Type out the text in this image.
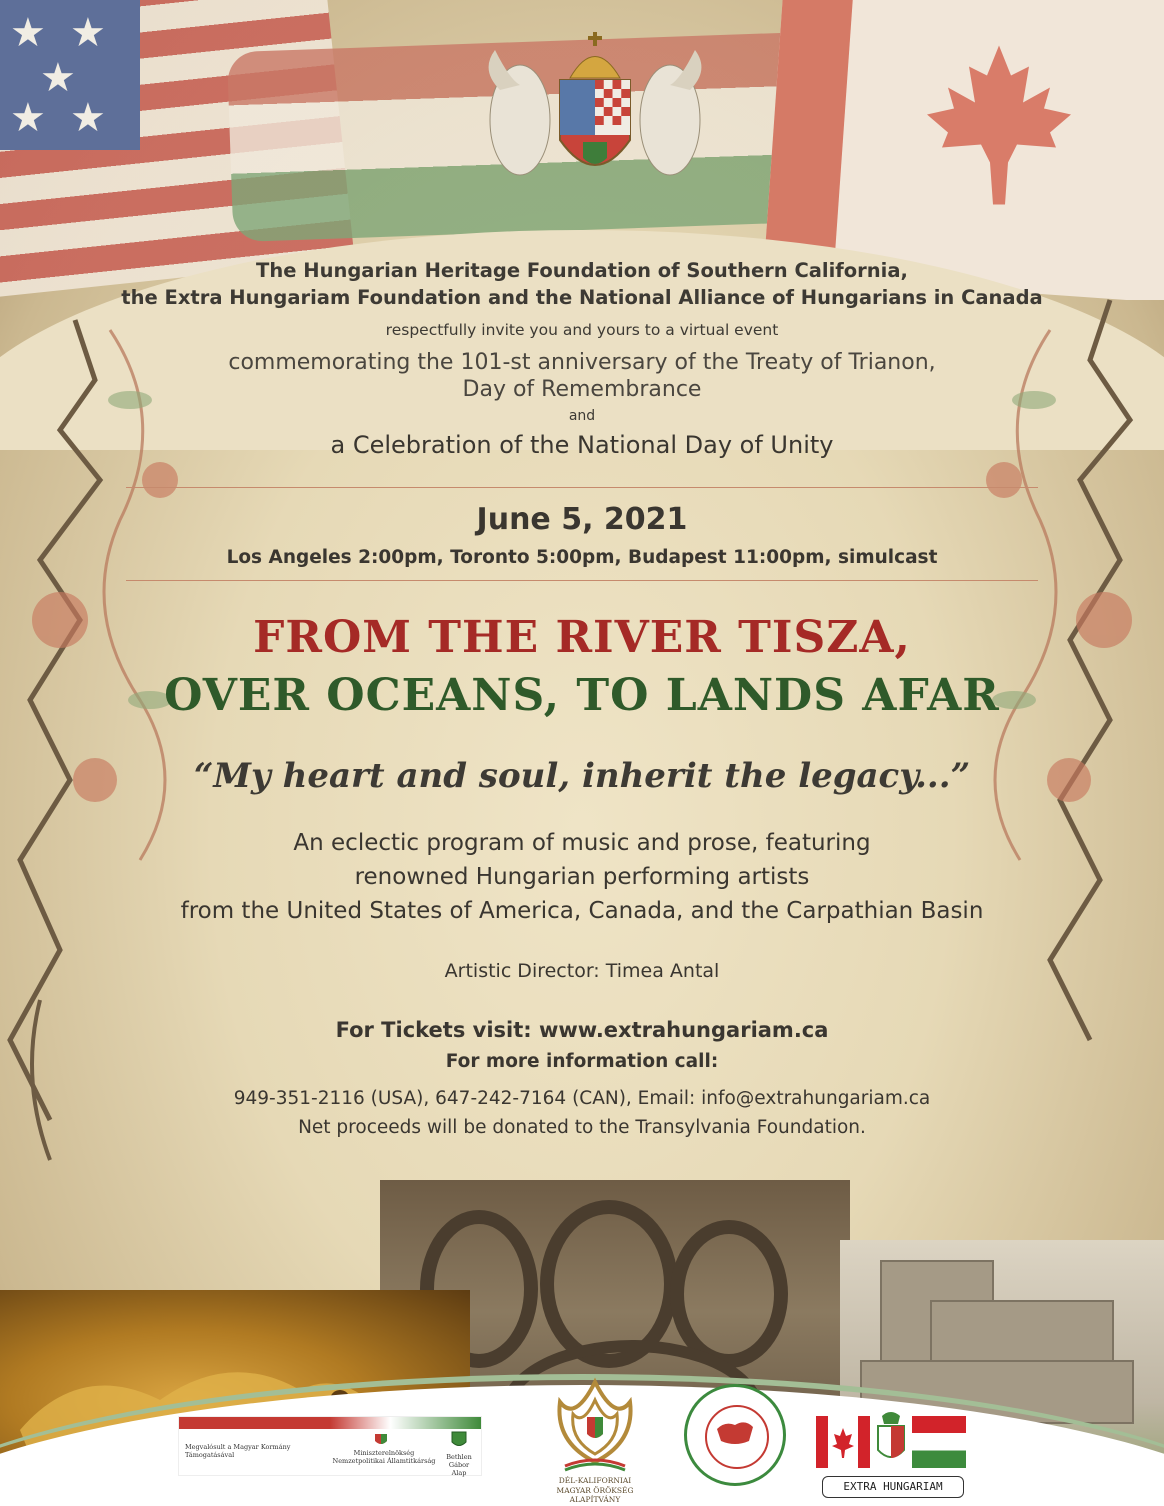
★ ★
★
★ ★
The Hungarian Heritage Foundation of Southern California,
the Extra Hungariam Foundation and the National Alliance of Hungarians in Canada
respectfully invite you and yours to a virtual event
commemorating the 101-st anniversary of the Treaty of Trianon,
Day of Remembrance
and
a Celebration of the National Day of Unity
June 5, 2021
Los Angeles 2:00pm, Toronto 5:00pm, Budapest 11:00pm, simulcast
FROM THE RIVER TISZA,
OVER OCEANS, TO LANDS AFAR
“My heart and soul, inherit the legacy...”
An eclectic program of music and prose, featuring
renowned Hungarian performing artists
from the United States of America, Canada, and the Carpathian Basin
Artistic Director: Timea Antal
For Tickets visit: www.extrahungariam.ca
For more information call:
949-351-2116 (USA), 647-242-7164 (CAN), Email: info@extrahungariam.ca
Net proceeds will be donated to the Transylvania Foundation.
Megvalósult a Magyar Kormány
Támogatásával	Miniszterelnökség
Nemzetpolitikai Államtitkárság	Bethlen Gábor
Alap
DÉL-KALIFORNIAI
MAGYAR ÖRÖKSÉG ALAPÍTVÁNY
EXTRA HUNGARIAM
